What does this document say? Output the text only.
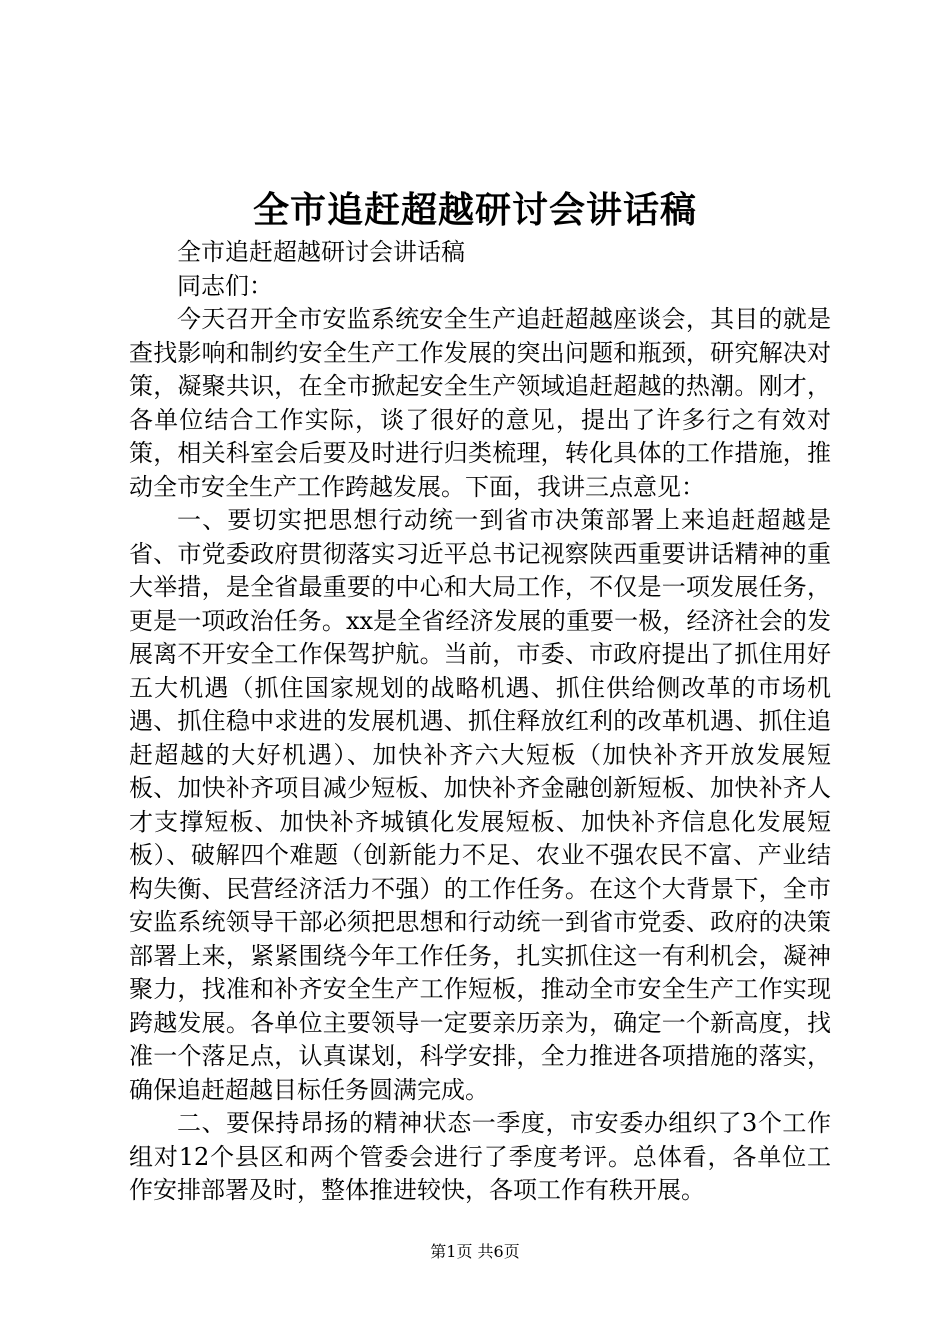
全市追赶超越研讨会讲话稿

全市追赶超越研讨会讲话稿

同志们：

今天召开全市安监系统安全生产追赶超越座谈会，其目的就是查找影响和制约安全生产工作发展的突出问题和瓶颈，研究解决对策，凝聚共识，在全市掀起安全生产领域追赶超越的热潮。刚才，各单位结合工作实际，谈了很好的意见，提出了许多行之有效对策，相关科室会后要及时进行归类梳理，转化具体的工作措施，推动全市安全生产工作跨越发展。下面，我讲三点意见：

一、要切实把思想行动统一到省市决策部署上来追赶超越是省、市党委政府贯彻落实习近平总书记视察陕西重要讲话精神的重大举措，是全省最重要的中心和大局工作，不仅是一项发展任务，更是一项政治任务。xx是全省经济发展的重要一极，经济社会的发展离不开安全工作保驾护航。当前，市委、市政府提出了抓住用好五大机遇（抓住国家规划的战略机遇、抓住供给侧改革的市场机遇、抓住稳中求进的发展机遇、抓住释放红利的改革机遇、抓住追赶超越的大好机遇）、加快补齐六大短板（加快补齐开放发展短板、加快补齐项目减少短板、加快补齐金融创新短板、加快补齐人才支撑短板、加快补齐城镇化发展短板、加快补齐信息化发展短板）、破解四个难题（创新能力不足、农业不强农民不富、产业结构失衡、民营经济活力不强）的工作任务。在这个大背景下，全市安监系统领导干部必须把思想和行动统一到省市党委、政府的决策部署上来，紧紧围绕今年工作任务，扎实抓住这一有利机会，凝神聚力，找准和补齐安全生产工作短板，推动全市安全生产工作实现跨越发展。各单位主要领导一定要亲历亲为，确定一个新高度，找准一个落足点，认真谋划，科学安排，全力推进各项措施的落实，确保追赶超越目标任务圆满完成。

二、要保持昂扬的精神状态一季度，市安委办组织了3个工作组对12个县区和两个管委会进行了季度考评。总体看，各单位工作安排部署及时，整体推进较快，各项工作有秩开展。

第1页 共6页
